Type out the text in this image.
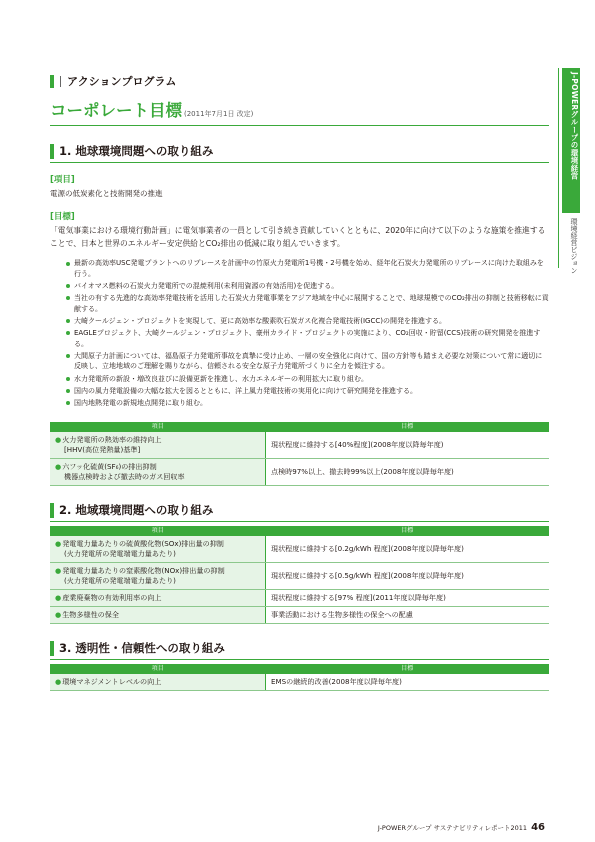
J-POWERグループの環境経営
環境経営ビジョン
アクションプログラム
コーポレート目標 (2011年7月1日 改定)
1. 地球環境問題への取り組み
[項目]
電源の低炭素化と技術開発の推進
[目標]
「電気事業における環境行動計画」に電気事業者の一員として引き続き貢献していくとともに、2020年に向けて以下のような施策を推進することで、日本と世界のエネルギー安定供給とCO₂排出の低減に取り組んでいきます。
最新の高効率USC発電プラントへのリプレースを計画中の竹原火力発電所1号機・2号機を始め、経年化石炭火力発電所のリプレースに向けた取組みを行う。
バイオマス燃料の石炭火力発電所での混焼利用(未利用資源の有効活用)を促進する。
当社の有する先進的な高効率発電技術を活用した石炭火力発電事業をアジア地域を中心に展開することで、地球規模でのCO₂排出の抑制と技術移転に貢献する。
大崎クールジェン・プロジェクトを実現して、更に高効率な酸素吹石炭ガス化複合発電技術(IGCC)の開発を推進する。
EAGLEプロジェクト、大崎クールジェン・プロジェクト、豪州カライド・プロジェクトの実施により、CO₂回収・貯留(CCS)技術の研究開発を推進する。
大間原子力計画については、福島原子力発電所事故を真摯に受け止め、一層の安全強化に向けて、国の方針等も踏まえ必要な対策について常に適切に反映し、立地地域のご理解を賜りながら、信頼される安全な原子力発電所づくりに全力を傾注する。
水力発電所の新設・増改良並びに設備更新を推進し、水力エネルギーの利用拡大に取り組む。
国内の風力発電設備の大幅な拡大を図るとともに、洋上風力発電技術の実用化に向けて研究開発を推進する。
国内地熱発電の新規地点開発に取り組む。
項目	目標

●火力発電所の熱効率の維持向上
[HHV(高位発熱量)基準]	現状程度に維持する[40%程度](2008年度以降毎年度)

●六フッ化硫黄(SF₆)の排出抑制
機器点検時および撤去時のガス回収率	点検時97%以上、撤去時99%以上(2008年度以降毎年度)
2. 地域環境問題への取り組み
項目	目標

●発電電力量あたりの硫黄酸化物(SOx)排出量の抑制
(火力発電所の発電端電力量あたり)	現状程度に維持する[0.2g/kWh 程度](2008年度以降毎年度)

●発電電力量あたりの窒素酸化物(NOx)排出量の抑制
(火力発電所の発電端電力量あたり)	現状程度に維持する[0.5g/kWh 程度](2008年度以降毎年度)

●産業廃棄物の有効利用率の向上	現状程度に維持する[97% 程度](2011年度以降毎年度)

●生物多様性の保全	事業活動における生物多様性の保全への配慮
3. 透明性・信頼性への取り組み
項目	目標

●環境マネジメントレベルの向上	EMSの継続的改善(2008年度以降毎年度)
J-POWERグループ サステナビリティレポート2011 46
